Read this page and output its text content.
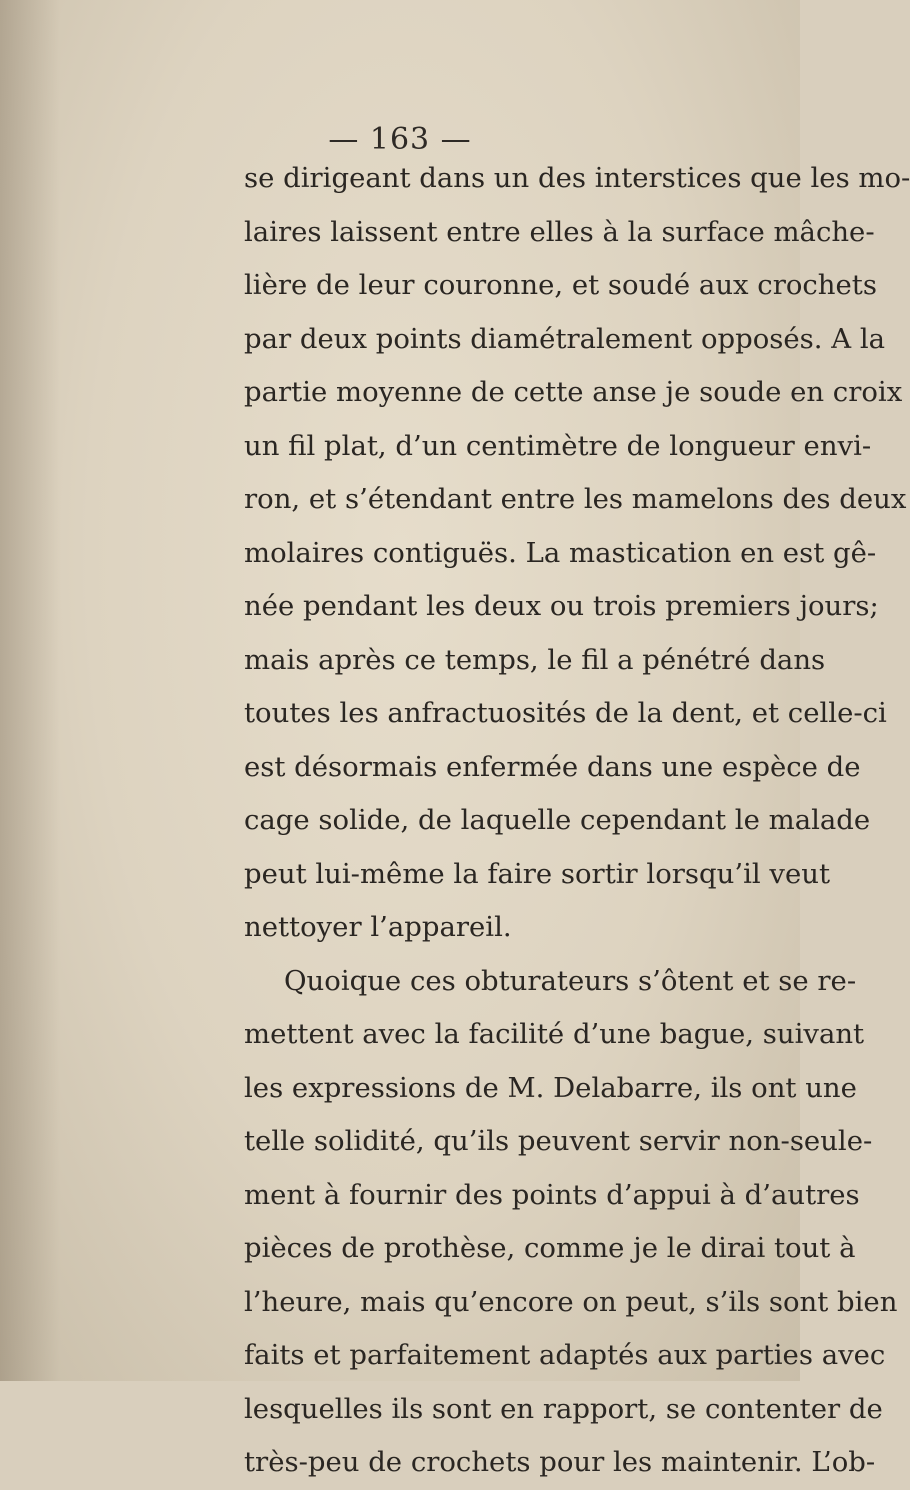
— 163 —
se dirigeant dans un des interstices que les mo-
laires laissent entre elles à la surface mâche-
lière de leur couronne, et soudé aux crochets
par deux points diamétralement opposés. A la
partie moyenne de cette anse je soude en croix
un fil plat, d’un centimètre de longueur envi-
ron, et s’étendant entre les mamelons des deux
molaires contiguës. La mastication en est gê-
née pendant les deux ou trois premiers jours;
mais après ce temps, le fil a pénétré dans
toutes les anfractuosités de la dent, et celle-ci
est désormais enfermée dans une espèce de
cage solide, de laquelle cependant le malade
peut lui-même la faire sortir lorsqu’il veut
nettoyer l’appareil.
Quoique ces obturateurs s’ôtent et se re-
mettent avec la facilité d’une bague, suivant
les expressions de M. Delabarre, ils ont une
telle solidité, qu’ils peuvent servir non-seule-
ment à fournir des points d’appui à d’autres
pièces de prothèse, comme je le dirai tout à
l’heure, mais qu’encore on peut, s’ils sont bien
faits et parfaitement adaptés aux parties avec
lesquelles ils sont en rapport, se contenter de
très-peu de crochets pour les maintenir. L’ob-
